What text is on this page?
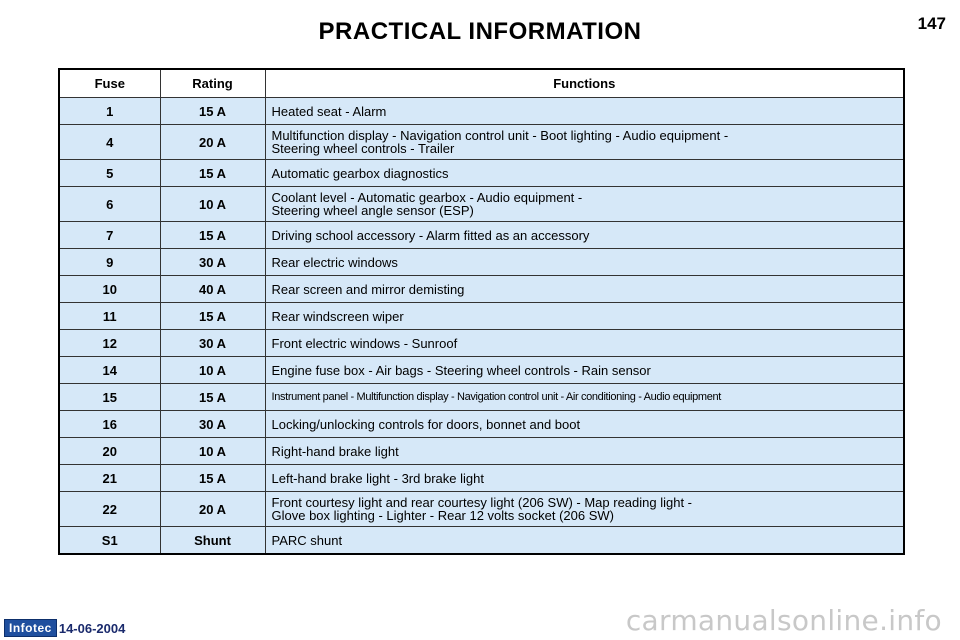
PRACTICAL INFORMATION	147
Fuse	Rating	Functions
1	15 A	Heated seat - Alarm
4	20 A	Multifunction display - Navigation control unit - Boot lighting - Audio equipment -
Steering wheel controls - Trailer
5	15 A	Automatic gearbox diagnostics
6	10 A	Coolant level - Automatic gearbox - Audio equipment -
Steering wheel angle sensor (ESP)
7	15 A	Driving school accessory - Alarm fitted as an accessory
9	30 A	Rear electric windows
10	40 A	Rear screen and mirror demisting
11	15 A	Rear windscreen wiper
12	30 A	Front electric windows - Sunroof
14	10 A	Engine fuse box - Air bags - Steering wheel controls - Rain sensor
15	15 A	Instrument panel - Multifunction display - Navigation control unit - Air conditioning - Audio equipment
16	30 A	Locking/unlocking controls for doors, bonnet and boot
20	10 A	Right-hand brake light
21	15 A	Left-hand brake light - 3rd brake light
22	20 A	Front courtesy light and rear courtesy light (206 SW) - Map reading light -
Glove box lighting - Lighter - Rear 12 volts socket (206 SW)
S1	Shunt	PARC shunt
Infotec 14-06-2004	carmanualsonline.info
